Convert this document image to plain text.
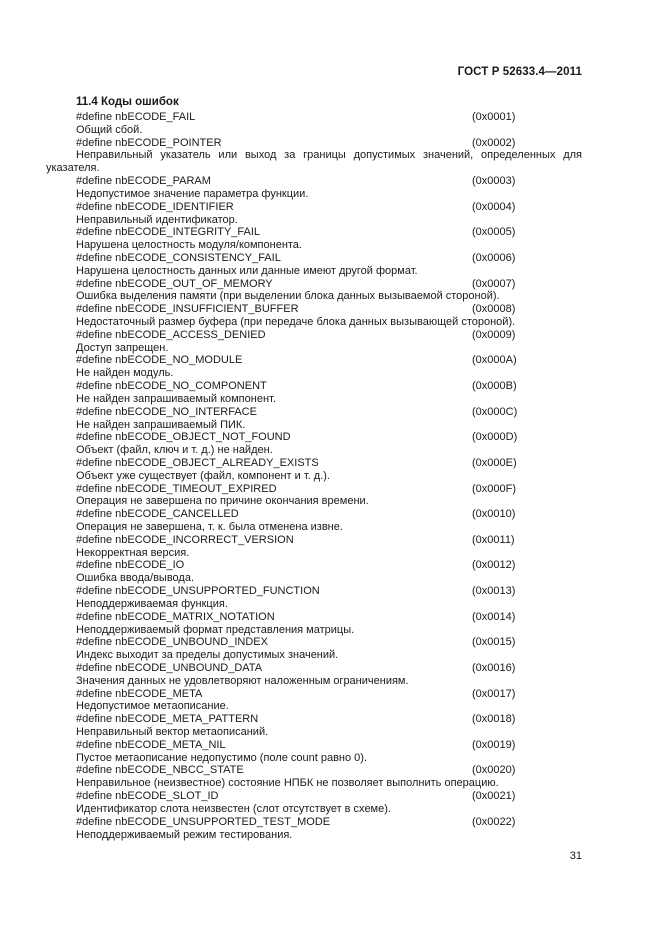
ГОСТ Р 52633.4—2011
11.4 Коды ошибок
#define nbECODE_FAIL	(0x0001)
Общий сбой.
#define nbECODE_POINTER	(0x0002)
Неправильный указатель или выход за границы допустимых значений, определенных для указателя.
#define nbECODE_PARAM	(0x0003)
Недопустимое значение параметра функции.
#define nbECODE_IDENTIFIER	(0x0004)
Неправильный идентификатор.
#define nbECODE_INTEGRITY_FAIL	(0x0005)
Нарушена целостность модуля/компонента.
#define nbECODE_CONSISTENCY_FAIL	(0x0006)
Нарушена целостность данных или данные имеют другой формат.
#define nbECODE_OUT_OF_MEMORY	(0x0007)
Ошибка выделения памяти (при выделении блока данных вызываемой стороной).
#define nbECODE_INSUFFICIENT_BUFFER	(0x0008)
Недостаточный размер буфера (при передаче блока данных вызывающей стороной).
#define nbECODE_ACCESS_DENIED	(0x0009)
Доступ запрещен.
#define nbECODE_NO_MODULE	(0x000A)
Не найден модуль.
#define nbECODE_NO_COMPONENT	(0x000B)
Не найден запрашиваемый компонент.
#define nbECODE_NO_INTERFACE	(0x000C)
Не найден запрашиваемый ПИК.
#define nbECODE_OBJECT_NOT_FOUND	(0x000D)
Объект (файл, ключ и т. д.) не найден.
#define nbECODE_OBJECT_ALREADY_EXISTS	(0x000E)
Объект уже существует (файл, компонент и т. д.).
#define nbECODE_TIMEOUT_EXPIRED	(0x000F)
Операция не завершена по причине окончания времени.
#define nbECODE_CANCELLED	(0x0010)
Операция не завершена, т. к. была отменена извне.
#define nbECODE_INCORRECT_VERSION	(0x0011)
Некорректная версия.
#define nbECODE_IO	(0x0012)
Ошибка ввода/вывода.
#define nbECODE_UNSUPPORTED_FUNCTION	(0x0013)
Неподдерживаемая функция.
#define nbECODE_MATRIX_NOTATION	(0x0014)
Неподдерживаемый формат представления матрицы.
#define nbECODE_UNBOUND_INDEX	(0x0015)
Индекс выходит за пределы допустимых значений.
#define nbECODE_UNBOUND_DATA	(0x0016)
Значения данных не удовлетворяют наложенным ограничениям.
#define nbECODE_META	(0x0017)
Недопустимое метаописание.
#define nbECODE_META_PATTERN	(0x0018)
Неправильный вектор метаописаний.
#define nbECODE_META_NIL	(0x0019)
Пустое метаописание недопустимо (поле count равно 0).
#define nbECODE_NBCC_STATE	(0x0020)
Неправильное (неизвестное) состояние НПБК не позволяет выполнить операцию.
#define nbECODE_SLOT_ID	(0x0021)
Идентификатор слота неизвестен (слот отсутствует в схеме).
#define nbECODE_UNSUPPORTED_TEST_MODE	(0x0022)
Неподдерживаемый режим тестирования.
31
